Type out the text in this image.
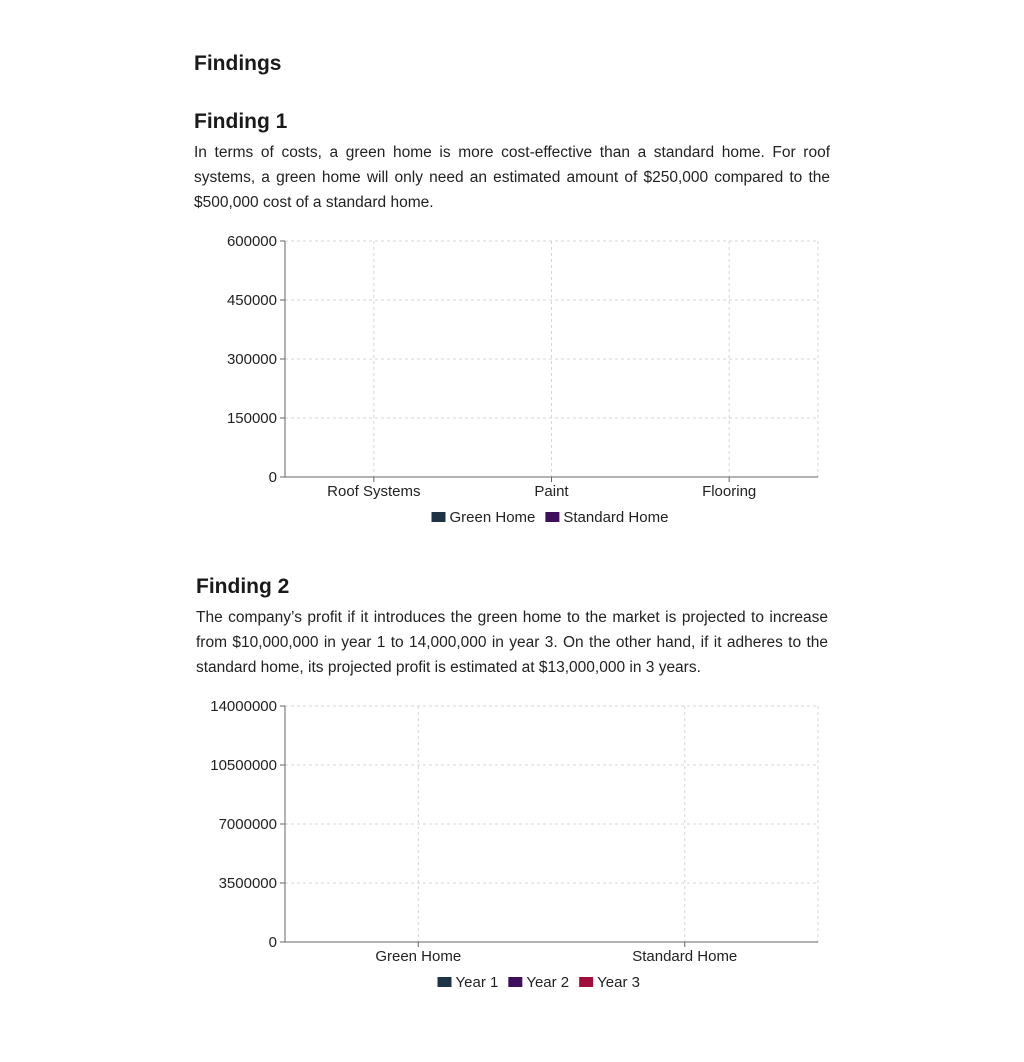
Findings
Finding 1

In terms of costs, a green home is more cost-effective than a standard home. For roof systems, a green home will only need an estimated amount of $250,000 compared to the $500,000 cost of a standard home.

0
150000
300000
450000
600000
Roof Systems	Paint	Flooring
Green Home Standard Home
Finding 2

The company’s profit if it introduces the green home to the market is projected to increase from $10,000,000 in year 1 to 14,000,000 in year 3. On the other hand, if it adheres to the standard home, its projected profit is estimated at $13,000,000 in 3 years.

0
3500000
7000000
10500000
14000000
Green Home	Standard Home
Year 1 Year 2 Year 3
